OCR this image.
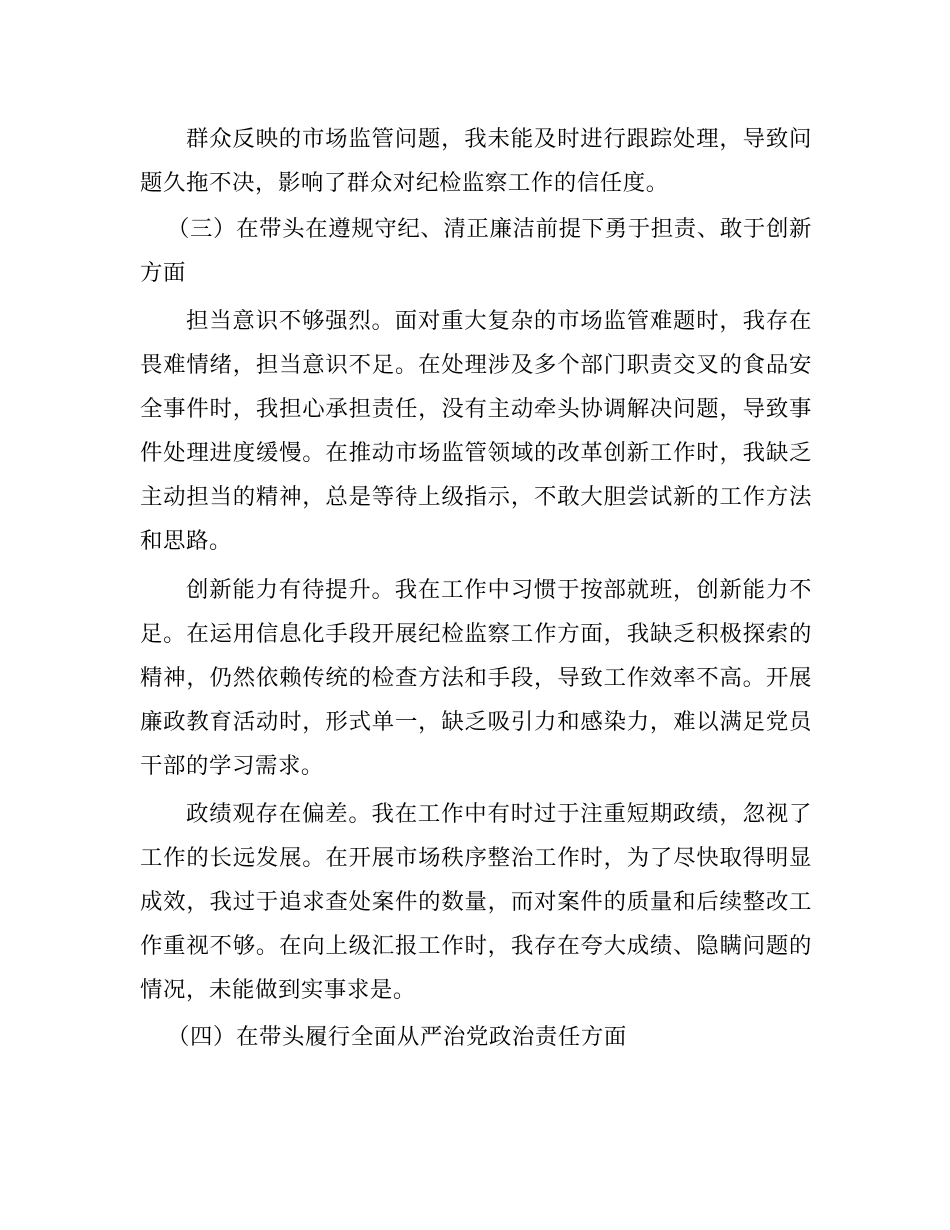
群众反映的市场监管问题，我未能及时进行跟踪处理，导致问题久拖不决，影响了群众对纪检监察工作的信任度。

（三）在带头在遵规守纪、清正廉洁前提下勇于担责、敢于创新方面

担当意识不够强烈。面对重大复杂的市场监管难题时，我存在畏难情绪，担当意识不足。在处理涉及多个部门职责交叉的食品安全事件时，我担心承担责任，没有主动牵头协调解决问题，导致事件处理进度缓慢。在推动市场监管领域的改革创新工作时，我缺乏主动担当的精神，总是等待上级指示，不敢大胆尝试新的工作方法和思路。

创新能力有待提升。我在工作中习惯于按部就班，创新能力不足。在运用信息化手段开展纪检监察工作方面，我缺乏积极探索的精神，仍然依赖传统的检查方法和手段，导致工作效率不高。开展廉政教育活动时，形式单一，缺乏吸引力和感染力，难以满足党员干部的学习需求。

政绩观存在偏差。我在工作中有时过于注重短期政绩，忽视了工作的长远发展。在开展市场秩序整治工作时，为了尽快取得明显成效，我过于追求查处案件的数量，而对案件的质量和后续整改工作重视不够。在向上级汇报工作时，我存在夸大成绩、隐瞒问题的情况，未能做到实事求是。

（四）在带头履行全面从严治党政治责任方面
